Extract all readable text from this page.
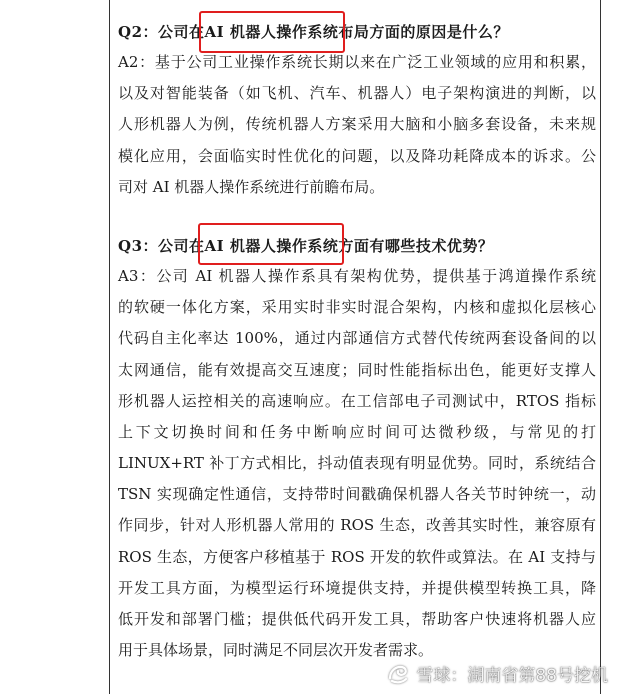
Q2：公司在AI 机器人操作系统布局方面的原因是什么？

A2：基于公司工业操作系统长期以来在广泛工业领域的应用和积累，
以及对智能装备（如飞机、汽车、机器人）电子架构演进的判断，以
人形机器人为例，传统机器人方案采用大脑和小脑多套设备，未来规
模化应用，会面临实时性优化的问题，以及降功耗降成本的诉求。公
司对 AI 机器人操作系统进行前瞻布局。

Q3：公司在AI 机器人操作系统方面有哪些技术优势？

A3：公司 AI 机器人操作系具有架构优势，提供基于鸿道操作系统
的软硬一体化方案，采用实时非实时混合架构，内核和虚拟化层核心
代码自主化率达 100%，通过内部通信方式替代传统两套设备间的以
太网通信，能有效提高交互速度；同时性能指标出色，能更好支撑人
形机器人运控相关的高速响应。在工信部电子司测试中，RTOS 指标
上下文切换时间和任务中断响应时间可达微秒级，与常见的打
LINUX+RT 补丁方式相比，抖动值表现有明显优势。同时，系统结合
TSN 实现确定性通信，支持带时间戳确保机器人各关节时钟统一，动
作同步，针对人形机器人常用的 ROS 生态，改善其实时性，兼容原有
ROS 生态，方便客户移植基于 ROS 开发的软件或算法。在 AI 支持与
开发工具方面，为模型运行环境提供支持，并提供模型转换工具，降
低开发和部署门槛；提供低代码开发工具，帮助客户快速将机器人应
用于具体场景，同时满足不同层次开发者需求。
雪球：湖南省第88号挖机
